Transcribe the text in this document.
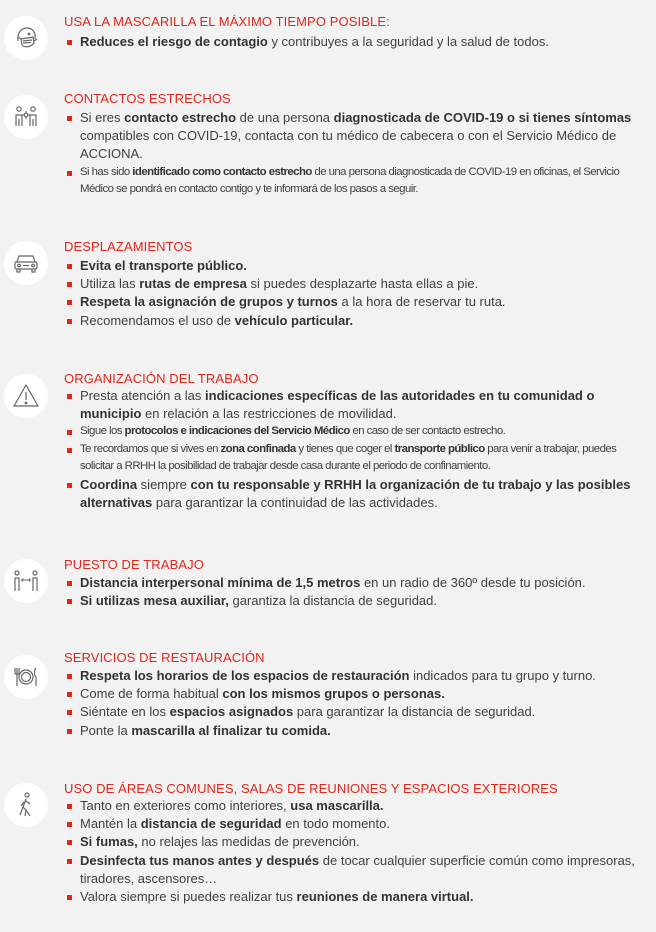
USA LA MASCARILLA EL MÁXIMO TIEMPO POSIBLE:
Reduces el riesgo de contagio y contribuyes a la seguridad y la salud de todos.
CONTACTOS ESTRECHOS
Si eres contacto estrecho de una persona diagnosticada de COVID-19 o si tienes síntomas compatibles con COVID-19, contacta con tu médico de cabecera o con el Servicio Médico de ACCIONA.
Si has sido identificado como contacto estrecho de una persona diagnosticada de COVID-19 en oficinas, el Servicio Médico se pondrá en contacto contigo y te informará de los pasos a seguir.
DESPLAZAMIENTOS
Evita el transporte público.
Utiliza las rutas de empresa si puedes desplazarte hasta ellas a pie.
Respeta la asignación de grupos y turnos a la hora de reservar tu ruta.
Recomendamos el uso de vehículo particular.
ORGANIZACIÓN DEL TRABAJO
Presta atención a las indicaciones específicas de las autoridades en tu comunidad o municipio en relación a las restricciones de movilidad.
Sigue los protocolos e indicaciones del Servicio Médico en caso de ser contacto estrecho.
Te recordamos que si vives en zona confinada y tienes que coger el transporte público para venir a trabajar, puedes solicitar a RRHH la posibilidad de trabajar desde casa durante el periodo de confinamiento.
Coordina siempre con tu responsable y RRHH la organización de tu trabajo y las posibles alternativas para garantizar la continuidad de las actividades.
PUESTO DE TRABAJO
Distancia interpersonal mínima de 1,5 metros en un radio de 360º desde tu posición.
Si utilizas mesa auxiliar, garantiza la distancia de seguridad.
SERVICIOS DE RESTAURACIÓN
Respeta los horarios de los espacios de restauración indicados para tu grupo y turno.
Come de forma habitual con los mismos grupos o personas.
Siéntate en los espacios asignados para garantizar la distancia de seguridad.
Ponte la mascarilla al finalizar tu comida.
USO DE ÁREAS COMUNES, SALAS DE REUNIONES Y ESPACIOS EXTERIORES
Tanto en exteriores como interiores, usa mascarilla.
Mantén la distancia de seguridad en todo momento.
Si fumas, no relajes las medidas de prevención.
Desinfecta tus manos antes y después de tocar cualquier superficie común como impresoras, tiradores, ascensores…
Valora siempre si puedes realizar tus reuniones de manera virtual.
